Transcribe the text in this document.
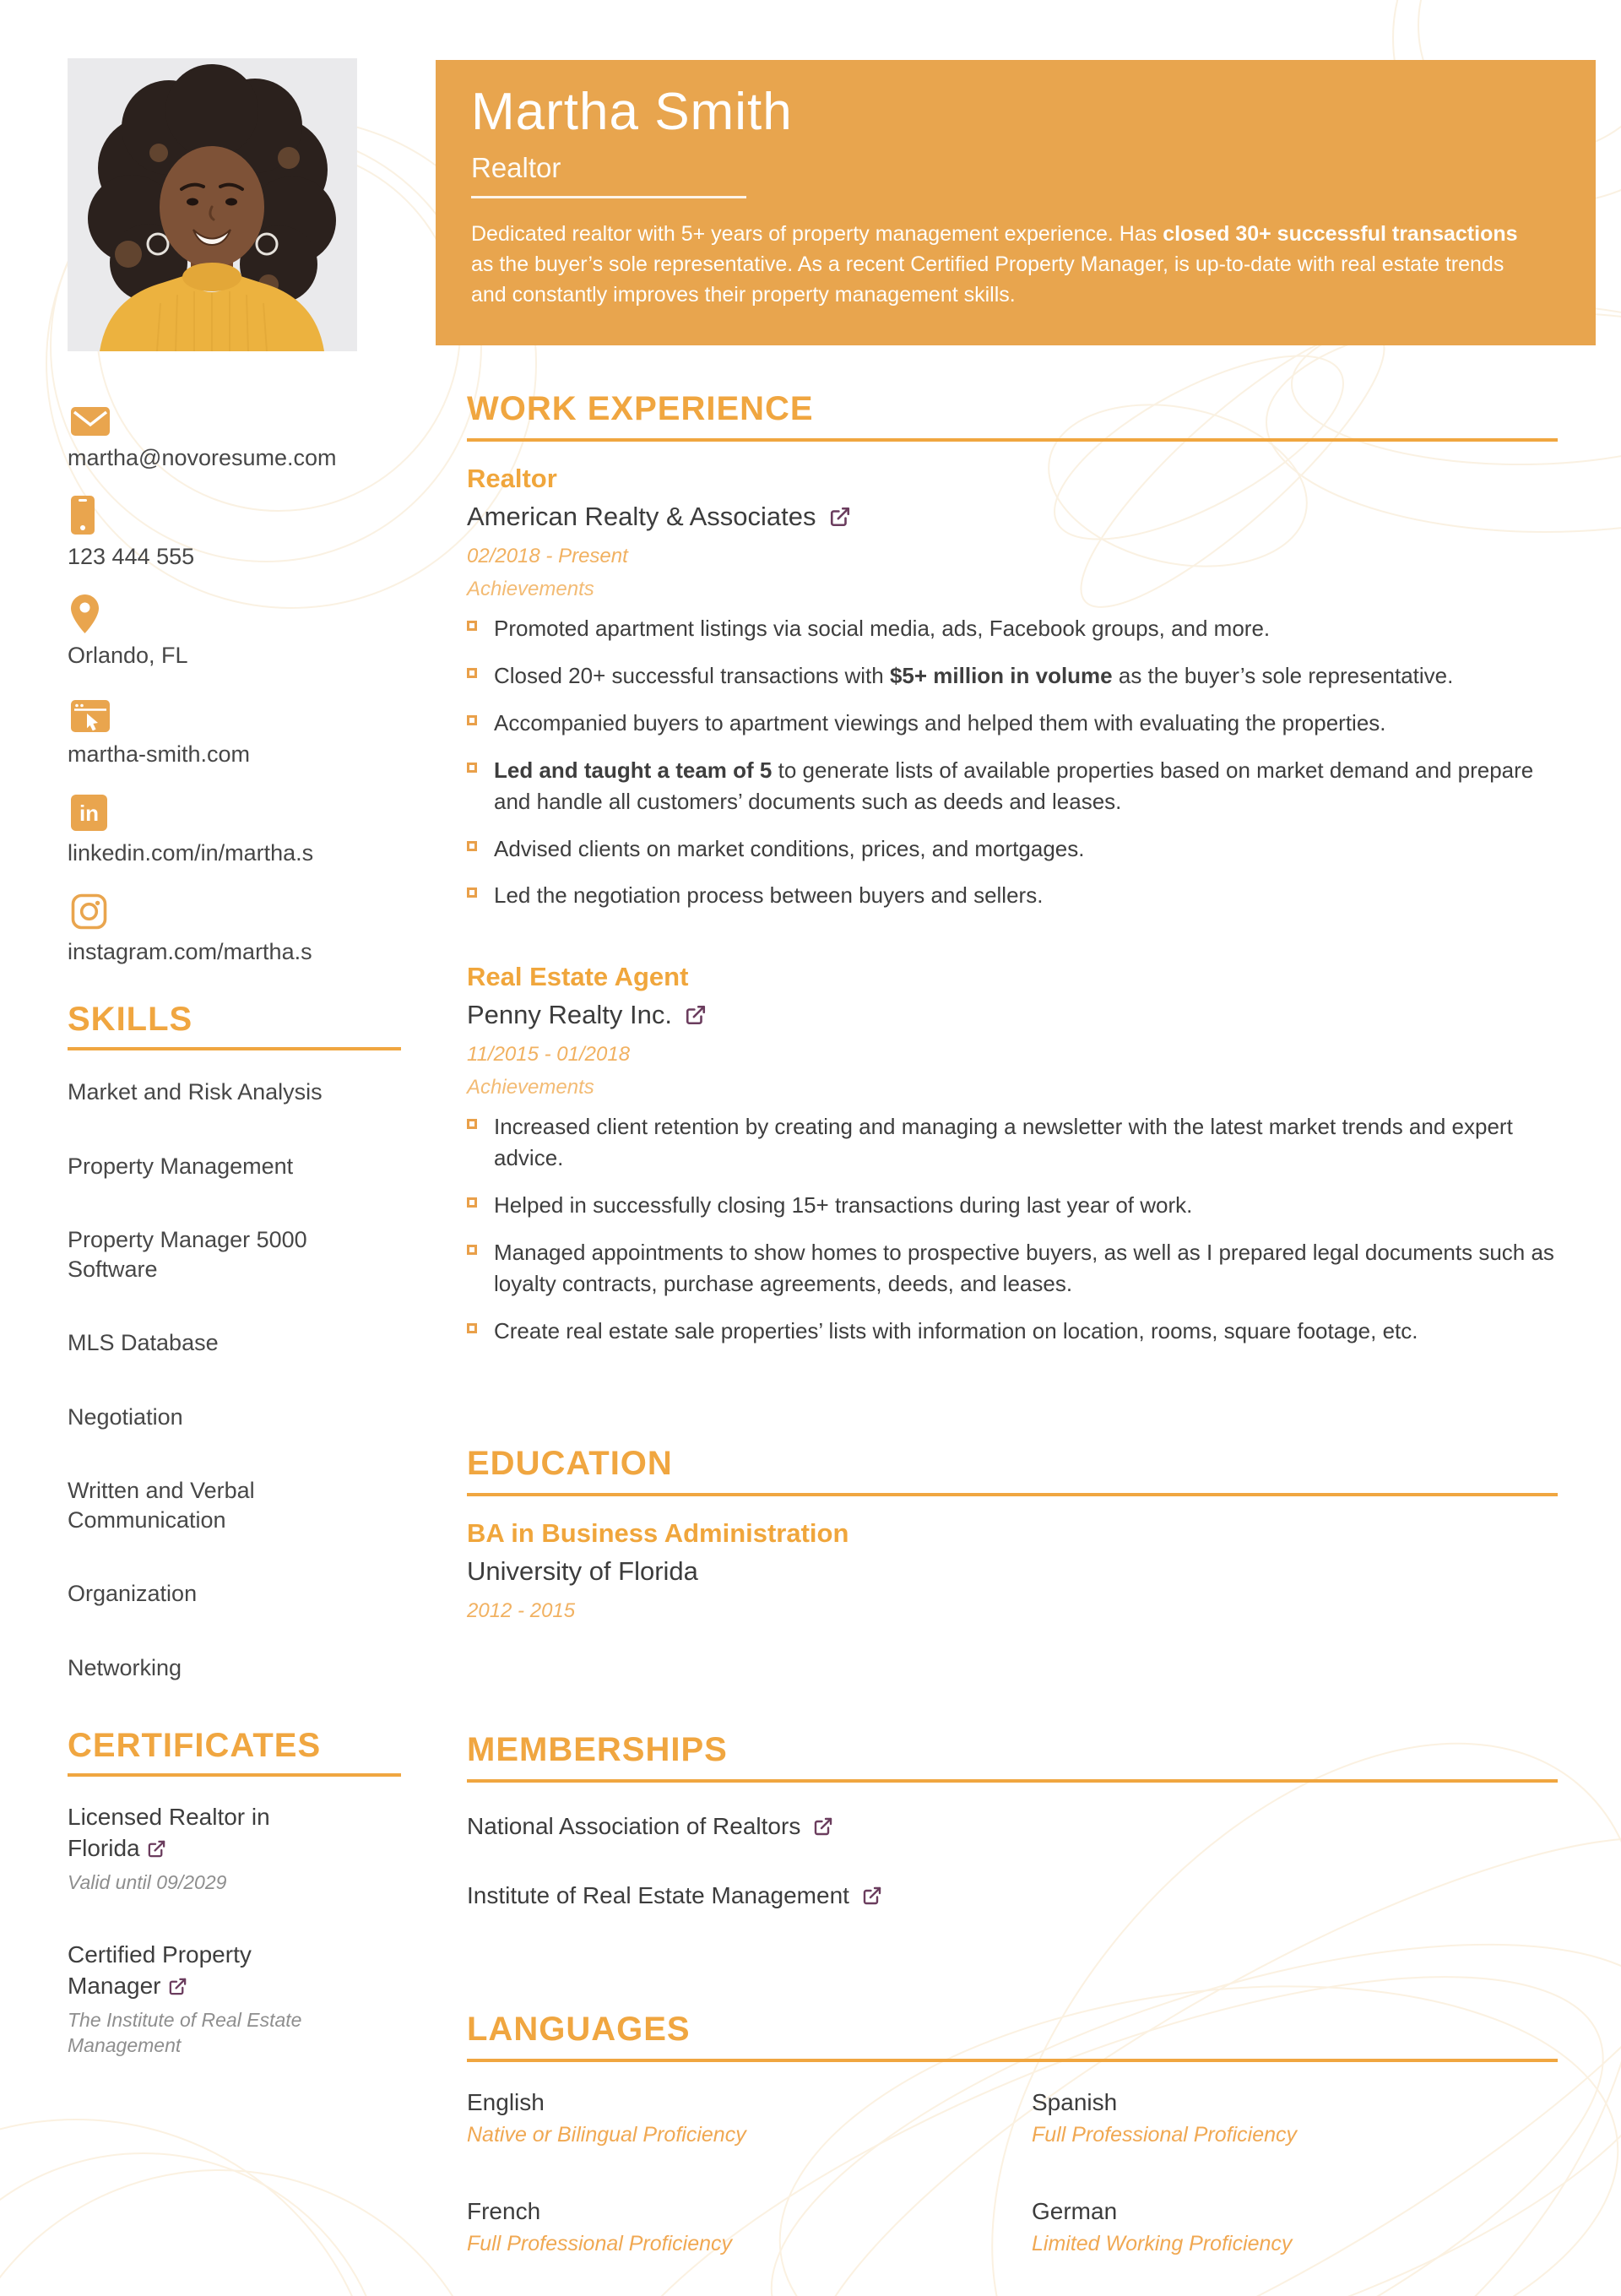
Martha Smith
Realtor
Dedicated realtor with 5+ years of property management experience. Has closed 30+ successful transactions as the buyer’s sole representative. As a recent Certified Property Manager, is up-to-date with real estate trends and constantly improves their property management skills.
martha@novoresume.com
123 444 555
Orlando, FL
martha-smith.com
in
linkedin.com/in/martha.s
instagram.com/martha.s
SKILLS
Market and Risk Analysis
Property Management
Property Manager 5000 Software
MLS Database
Negotiation
Written and Verbal Communication
Organization
Networking
CERTIFICATES
Licensed Realtor in Florida
Valid until 09/2029
Certified Property Manager
The Institute of Real Estate Management
WORK EXPERIENCE
Realtor
American Realty & Associates
02/2018 - Present
Achievements
Promoted apartment listings via social media, ads, Facebook groups, and more.
Closed 20+ successful transactions with $5+ million in volume as the buyer’s sole representative.
Accompanied buyers to apartment viewings and helped them with evaluating the properties.
Led and taught a team of 5 to generate lists of available properties based on market demand and prepare and handle all customers’ documents such as deeds and leases.
Advised clients on market conditions, prices, and mortgages.
Led the negotiation process between buyers and sellers.
Real Estate Agent
Penny Realty Inc.
11/2015 - 01/2018
Achievements
Increased client retention by creating and managing a newsletter with the latest market trends and expert advice.
Helped in successfully closing 15+ transactions during last year of work.
Managed appointments to show homes to prospective buyers, as well as I prepared legal documents such as loyalty contracts, purchase agreements, deeds, and leases.
Create real estate sale properties’ lists with information on location, rooms, square footage, etc.
EDUCATION
BA in Business Administration
University of Florida
2012 - 2015
MEMBERSHIPS
National Association of Realtors
Institute of Real Estate Management
LANGUAGES
English
Native or Bilingual Proficiency
Spanish
Full Professional Proficiency
French
Full Professional Proficiency
German
Limited Working Proficiency
